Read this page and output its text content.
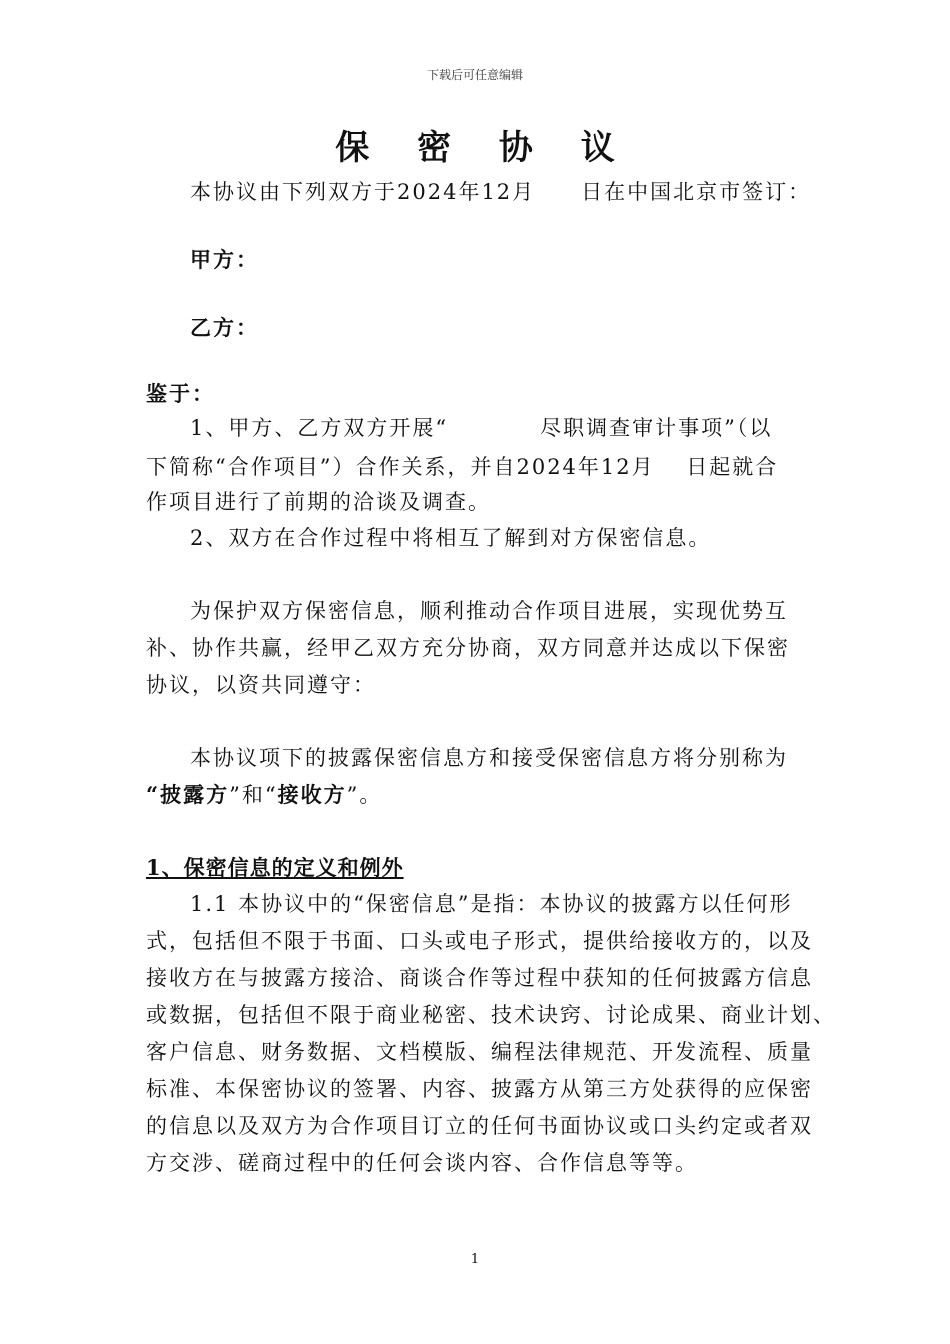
下载后可任意编辑
保 密 协 议
本协议由下列双方于2024年12月　　日在中国北京市签订：
甲方：
乙方：
鉴于：
1、甲方、乙方双方开展“　　　　尽职调查审计事项”（以
下简称“合作项目”）合作关系，并自2024年12月　 日起就合
作项目进行了前期的洽谈及调查。
2、双方在合作过程中将相互了解到对方保密信息。
为保护双方保密信息，顺利推动合作项目进展，实现优势互
补、协作共赢，经甲乙双方充分协商，双方同意并达成以下保密
协议，以资共同遵守：
本协议项下的披露保密信息方和接受保密信息方将分别称为
“披露方”和“接收方”。
1、保密信息的定义和例外
1.1 本协议中的“保密信息”是指：本协议的披露方以任何形
式，包括但不限于书面、口头或电子形式，提供给接收方的，以及
接收方在与披露方接洽、商谈合作等过程中获知的任何披露方信息
或数据，包括但不限于商业秘密、技术诀窍、讨论成果、商业计划、
客户信息、财务数据、文档模版、编程法律规范、开发流程、质量
标准、本保密协议的签署、内容、披露方从第三方处获得的应保密
的信息以及双方为合作项目订立的任何书面协议或口头约定或者双
方交涉、磋商过程中的任何会谈内容、合作信息等等。
1
